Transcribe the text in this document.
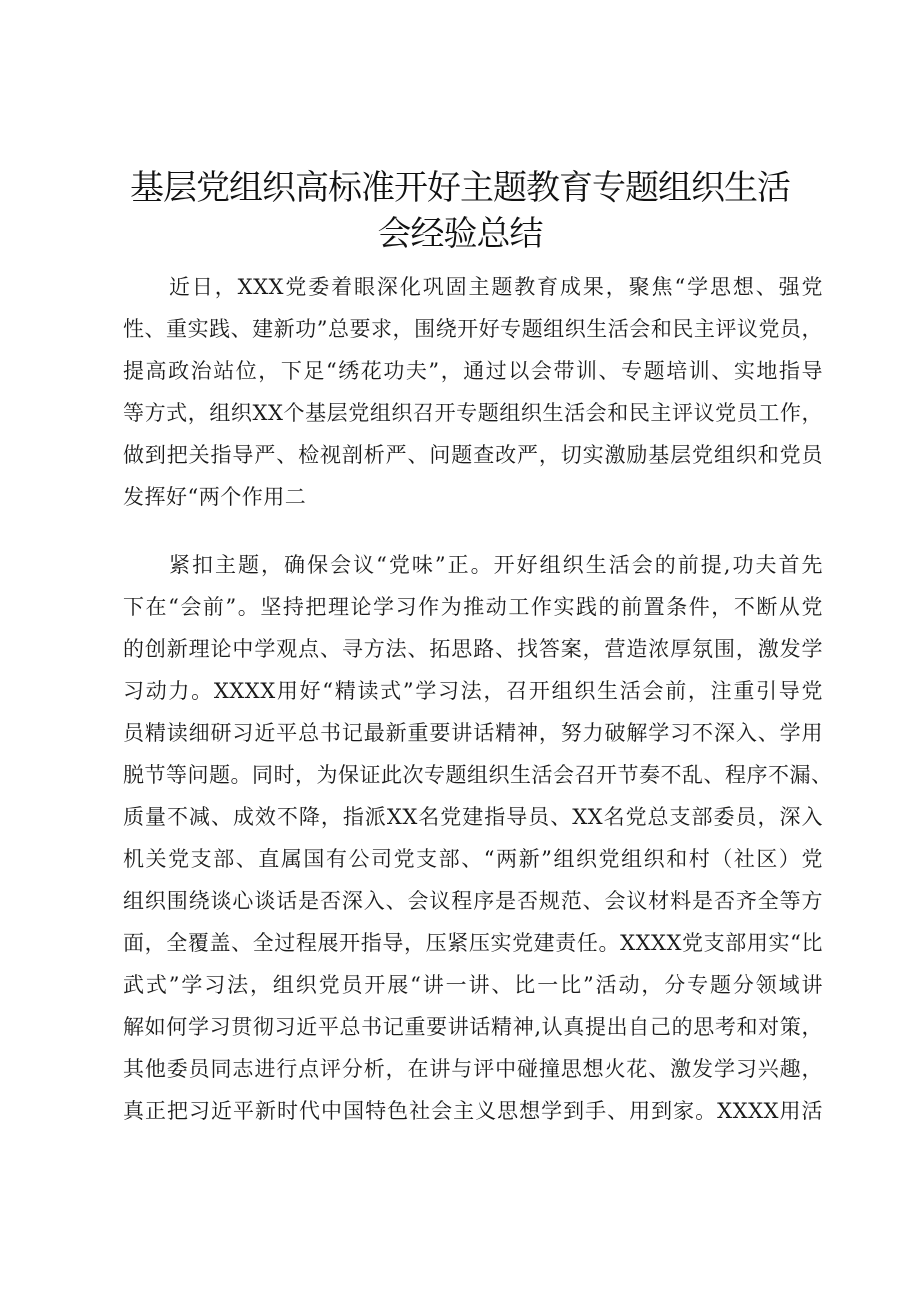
基层党组织高标准开好主题教育专题组织生活
会经验总结
近日，XXX党委着眼深化巩固主题教育成果，聚焦“学思想、强党
性、重实践、建新功”总要求，围绕开好专题组织生活会和民主评议党员，
提高政治站位，下足“绣花功夫”，通过以会带训、专题培训、实地指导
等方式，组织XX个基层党组织召开专题组织生活会和民主评议党员工作，
做到把关指导严、检视剖析严、问题查改严，切实激励基层党组织和党员
发挥好“两个作用二
紧扣主题，确保会议“党味”正。开好组织生活会的前提,功夫首先
下在“会前”。坚持把理论学习作为推动工作实践的前置条件，不断从党
的创新理论中学观点、寻方法、拓思路、找答案，营造浓厚氛围，激发学
习动力。XXXX用好“精读式”学习法，召开组织生活会前，注重引导党
员精读细研习近平总书记最新重要讲话精神，努力破解学习不深入、学用
脱节等问题。同时，为保证此次专题组织生活会召开节奏不乱、程序不漏、
质量不减、成效不降，指派XX名党建指导员、XX名党总支部委员，深入
机关党支部、直属国有公司党支部、“两新”组织党组织和村（社区）党
组织围绕谈心谈话是否深入、会议程序是否规范、会议材料是否齐全等方
面，全覆盖、全过程展开指导，压紧压实党建责任。XXXX党支部用实“比
武式”学习法，组织党员开展“讲一讲、比一比”活动，分专题分领域讲
解如何学习贯彻习近平总书记重要讲话精神,认真提出自己的思考和对策，
其他委员同志进行点评分析，在讲与评中碰撞思想火花、激发学习兴趣，
真正把习近平新时代中国特色社会主义思想学到手、用到家。XXXX用活
